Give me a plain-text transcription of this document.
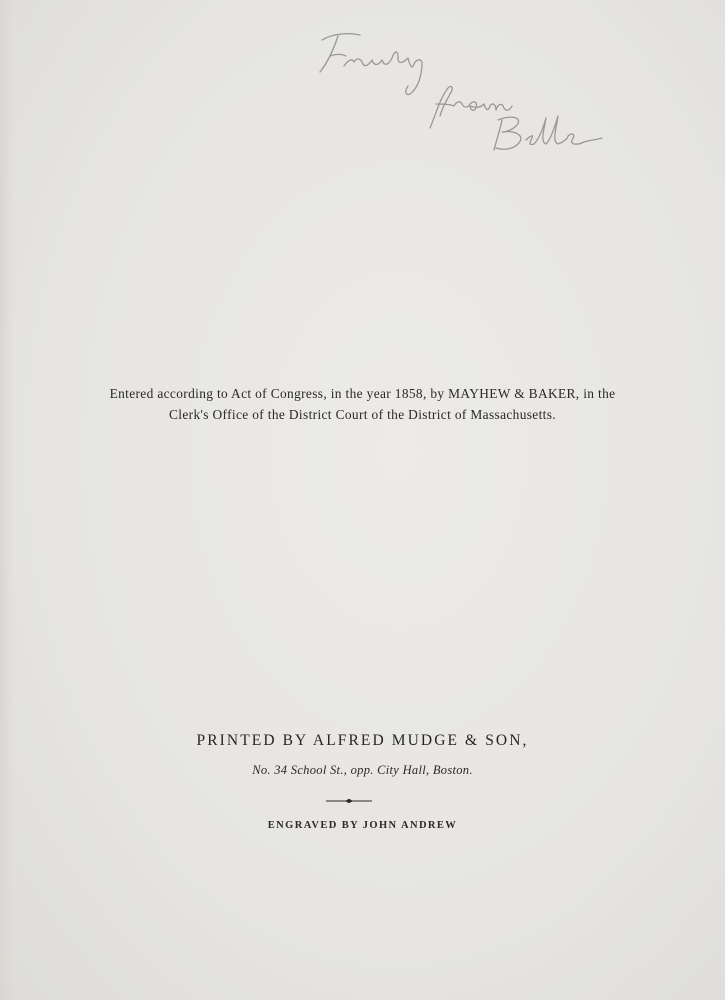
Franky
from
Belle
Entered according to Act of Congress, in the year 1858, by MAYHEW & BAKER, in the
Clerk's Office of the District Court of the District of Massachusetts.
PRINTED BY ALFRED MUDGE & SON,
No. 34 School St., opp. City Hall, Boston.
ENGRAVED BY JOHN ANDREW
